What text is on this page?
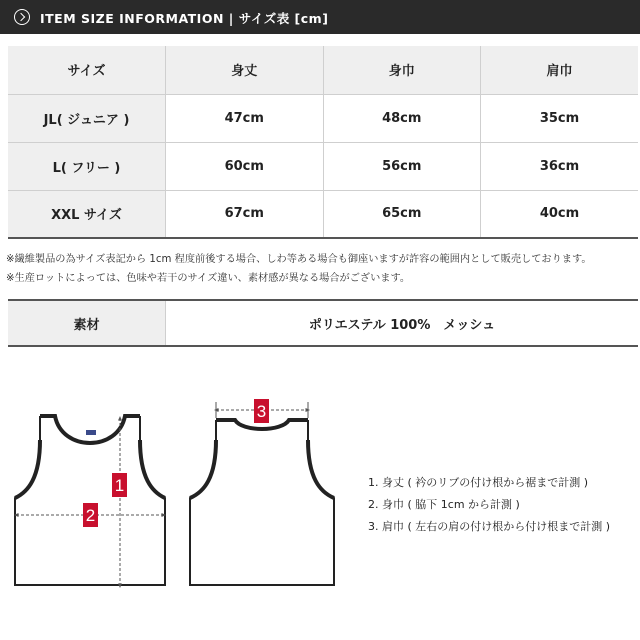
ITEM SIZE INFORMATION | サイズ表 [cm]
サイズ	身丈	身巾	肩巾
JL( ジュニア )	47cm	48cm	35cm
L( フリー )	60cm	56cm	36cm
XXL サイズ	67cm	65cm	40cm
※繊維製品の為サイズ表記から 1cm 程度前後する場合、しわ等ある場合も御座いますが許容の範囲内として販売しております。
※生産ロットによっては、色味や若干のサイズ違い、素材感が異なる場合がございます。
素材	ポリエステル 100%　メッシュ
1
2
3
1. 身丈 ( 衿のリブの付け根から裾まで計測 )
2. 身巾 ( 脇下 1cm から計測 )
3. 肩巾 ( 左右の肩の付け根から付け根まで計測 )
